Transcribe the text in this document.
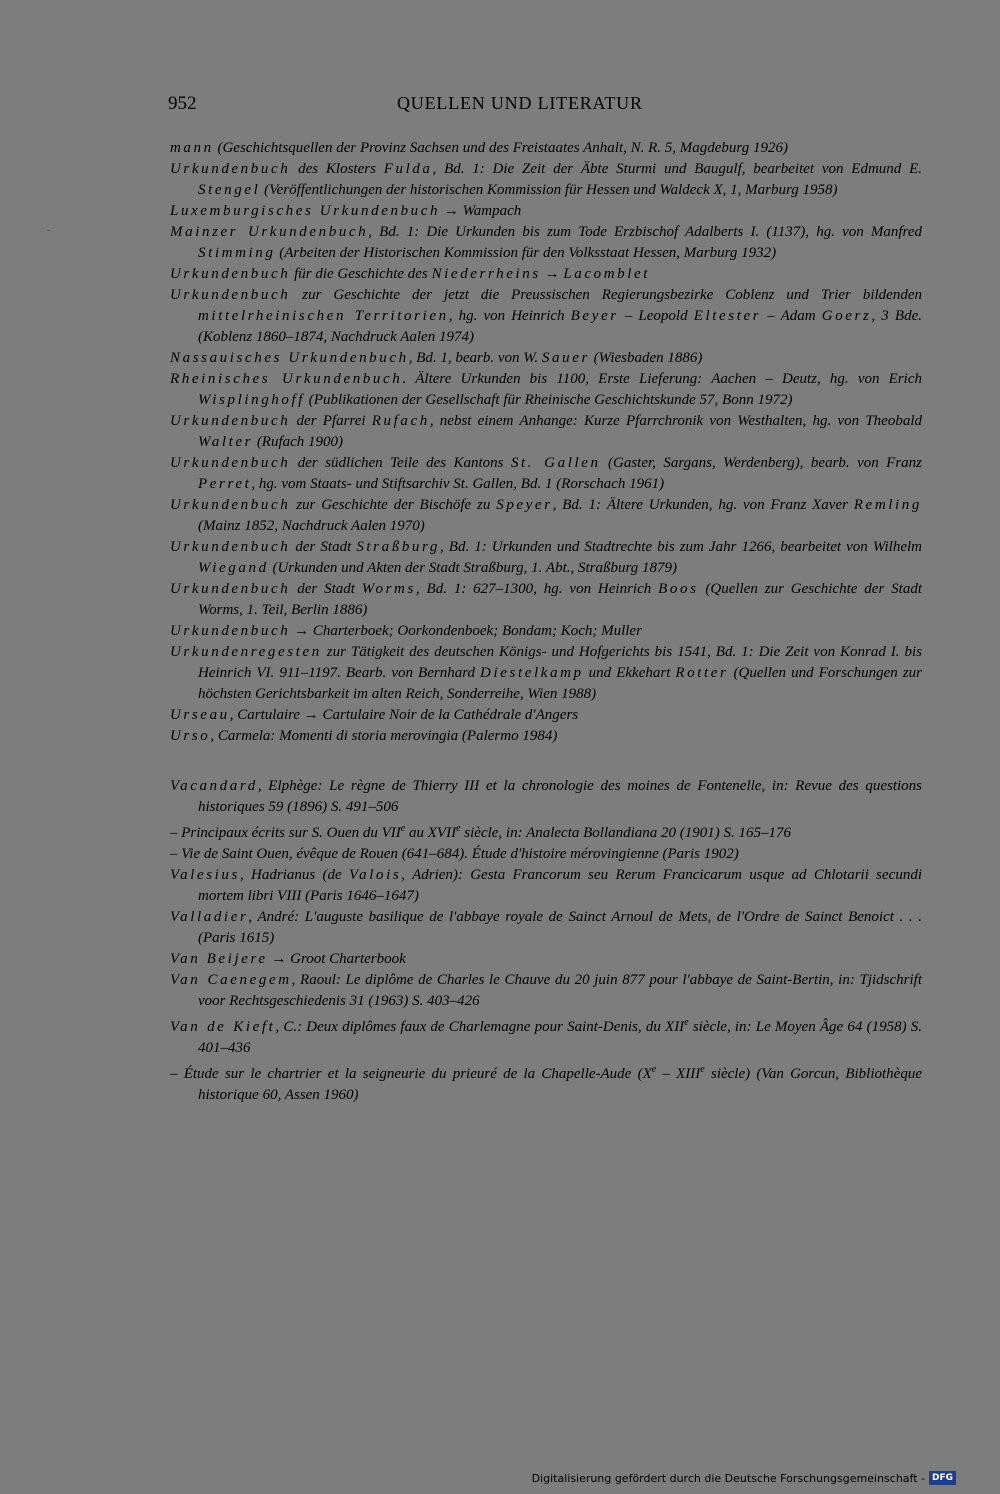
952	QUELLEN UND LITERATUR
mann (Geschichtsquellen der Provinz Sachsen und des Freistaates Anhalt, N. R. 5, Magdeburg 1926)
Urkundenbuch des Klosters Fulda, Bd. 1: Die Zeit der Äbte Sturmi und Baugulf, bearbeitet von Edmund E. Stengel (Veröffentlichungen der historischen Kommission für Hessen und Waldeck X, 1, Marburg 1958)
Luxemburgisches Urkundenbuch → Wampach
Mainzer Urkundenbuch, Bd. 1: Die Urkunden bis zum Tode Erzbischof Adalberts I. (1137), hg. von Manfred Stimming (Arbeiten der Historischen Kommission für den Volksstaat Hessen, Marburg 1932)
Urkundenbuch für die Geschichte des Niederrheins → Lacomblet
Urkundenbuch zur Geschichte der jetzt die Preussischen Regierungsbezirke Coblenz und Trier bildenden mittelrheinischen Territorien, hg. von Heinrich Beyer – Leopold Eltester – Adam Goerz, 3 Bde. (Koblenz 1860–1874, Nachdruck Aalen 1974)
Nassauisches Urkundenbuch, Bd. 1, bearb. von W. Sauer (Wiesbaden 1886)
Rheinisches Urkundenbuch. Ältere Urkunden bis 1100, Erste Lieferung: Aachen – Deutz, hg. von Erich Wisplinghoff (Publikationen der Gesellschaft für Rheinische Geschichtskunde 57, Bonn 1972)
Urkundenbuch der Pfarrei Rufach, nebst einem Anhange: Kurze Pfarrchronik von Westhalten, hg. von Theobald Walter (Rufach 1900)
Urkundenbuch der südlichen Teile des Kantons St. Gallen (Gaster, Sargans, Werdenberg), bearb. von Franz Perret, hg. vom Staats- und Stiftsarchiv St. Gallen, Bd. 1 (Rorschach 1961)
Urkundenbuch zur Geschichte der Bischöfe zu Speyer, Bd. 1: Ältere Urkunden, hg. von Franz Xaver Remling (Mainz 1852, Nachdruck Aalen 1970)
Urkundenbuch der Stadt Straßburg, Bd. 1: Urkunden und Stadtrechte bis zum Jahr 1266, bearbeitet von Wilhelm Wiegand (Urkunden und Akten der Stadt Straßburg, 1. Abt., Straßburg 1879)
Urkundenbuch der Stadt Worms, Bd. 1: 627–1300, hg. von Heinrich Boos (Quellen zur Geschichte der Stadt Worms, 1. Teil, Berlin 1886)
Urkundenbuch → Charterboek; Oorkondenboek; Bondam; Koch; Muller
Urkundenregesten zur Tätigkeit des deutschen Königs- und Hofgerichts bis 1541, Bd. 1: Die Zeit von Konrad I. bis Heinrich VI. 911–1197. Bearb. von Bernhard Diestelkamp und Ekkehart Rotter (Quellen und Forschungen zur höchsten Gerichtsbarkeit im alten Reich, Sonderreihe, Wien 1988)
Urseau, Cartulaire → Cartulaire Noir de la Cathédrale d'Angers
Urso, Carmela: Momenti di storia merovingia (Palermo 1984)
Vacandard, Elphège: Le règne de Thierry III et la chronologie des moines de Fontenelle, in: Revue des questions historiques 59 (1896) S. 491–506
– Principaux écrits sur S. Ouen du VIIe au XVIIe siècle, in: Analecta Bollandiana 20 (1901) S. 165–176
– Vie de Saint Ouen, évêque de Rouen (641–684). Étude d'histoire mérovingienne (Paris 1902)
Valesius, Hadrianus (de Valois, Adrien): Gesta Francorum seu Rerum Francicarum usque ad Chlotarii secundi mortem libri VIII (Paris 1646–1647)
Valladier, André: L'auguste basilique de l'abbaye royale de Sainct Arnoul de Mets, de l'Ordre de Sainct Benoict . . . (Paris 1615)
Van Beijere → Groot Charterbook
Van Caenegem, Raoul: Le diplôme de Charles le Chauve du 20 juin 877 pour l'abbaye de Saint-Bertin, in: Tjidschrift voor Rechtsgeschiedenis 31 (1963) S. 403–426
Van de Kieft, C.: Deux diplômes faux de Charlemagne pour Saint-Denis, du XIIe siècle, in: Le Moyen Âge 64 (1958) S. 401–436
– Étude sur le chartrier et la seigneurie du prieuré de la Chapelle-Aude (Xe – XIIIe siècle) (Van Gorcun, Bibliothèque historique 60, Assen 1960)
Digitalisierung gefördert durch die Deutsche Forschungsgemeinschaft - DFG
